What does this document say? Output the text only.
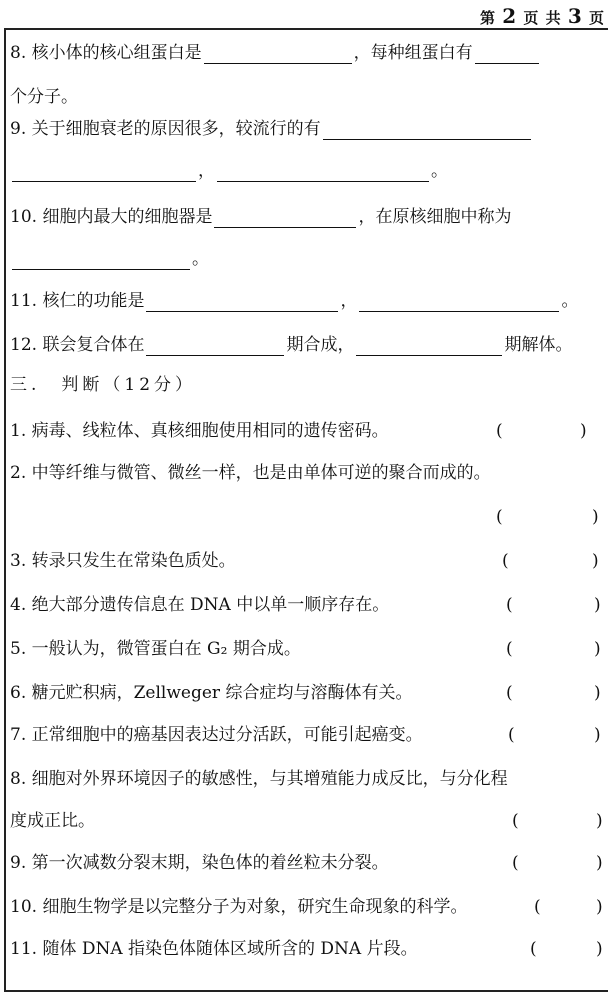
第 2 页 共 3 页
8. 核小体的核心组蛋白是	，每种组蛋白有
个分子。
9. 关于细胞衰老的原因很多，较流行的有
，	。
10. 细胞内最大的细胞器是	，在原核细胞中称为
。
11. 核仁的功能是	，	。
12. 联会复合体在	期合成，	期解体。
三.　判断（12分）
1. 病毒、线粒体、真核细胞使用相同的遗传密码。	(	)
2. 中等纤维与微管、微丝一样，也是由单体可逆的聚合而成的。
(	)
3. 转录只发生在常染色质处。	(	)
4. 绝大部分遗传信息在 DNA 中以单一顺序存在。	(	)
5. 一般认为，微管蛋白在 G₂ 期合成。	(	)
6. 糖元贮积病，Zellweger 综合症均与溶酶体有关。	(	)
7. 正常细胞中的癌基因表达过分活跃，可能引起癌变。	(	)
8. 细胞对外界环境因子的敏感性，与其增殖能力成反比，与分化程
度成正比。	(	)
9. 第一次减数分裂末期，染色体的着丝粒未分裂。	(	)
10. 细胞生物学是以完整分子为对象，研究生命现象的科学。	(	)
11. 随体 DNA 指染色体随体区域所含的 DNA 片段。	(	)
